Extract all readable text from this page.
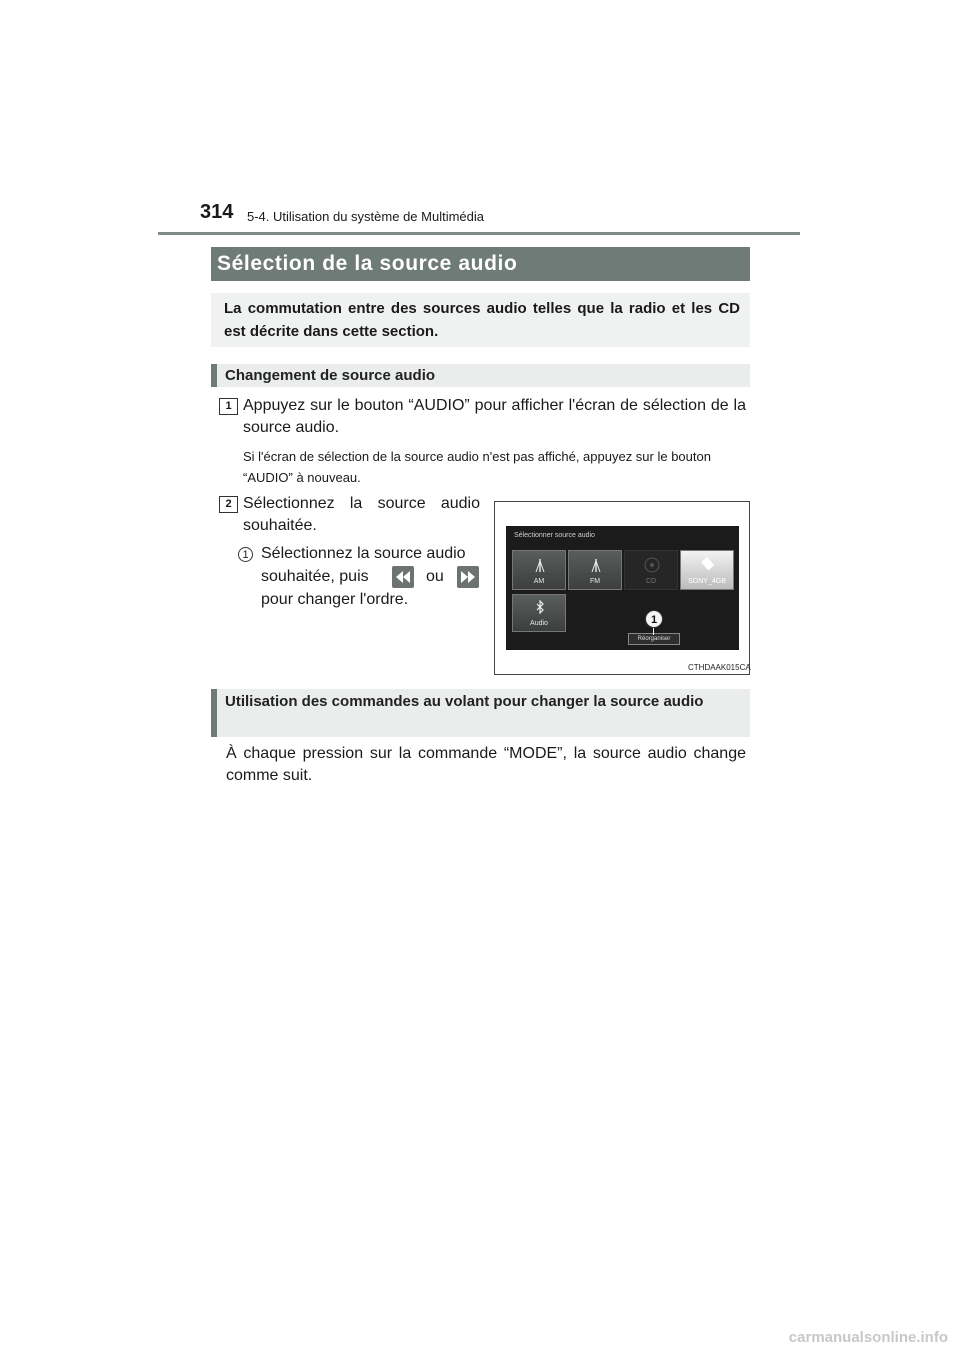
314 5-4. Utilisation du système de Multimédia
Sélection de la source audio
La commutation entre des sources audio telles que la radio et les CD est décrite dans cette section.
Changement de source audio
1 Appuyez sur le bouton “AUDIO” pour afficher l'écran de sélection de la source audio.
Si l'écran de sélection de la source audio n'est pas affiché, appuyez sur le bouton “AUDIO” à nouveau.
2 Sélectionnez la source audio souhaitée.
1 Sélectionnez la source audio
souhaitée, puis	ou
pour changer l'ordre.
Sélectionner source audio
AM	FM	CD	SONY_4GB
Audio
Réorganiser
1
CTHDAAK015CA
Utilisation des commandes au volant pour changer la source audio
À chaque pression sur la commande “MODE”, la source audio change comme suit.
carmanualsonline.info
